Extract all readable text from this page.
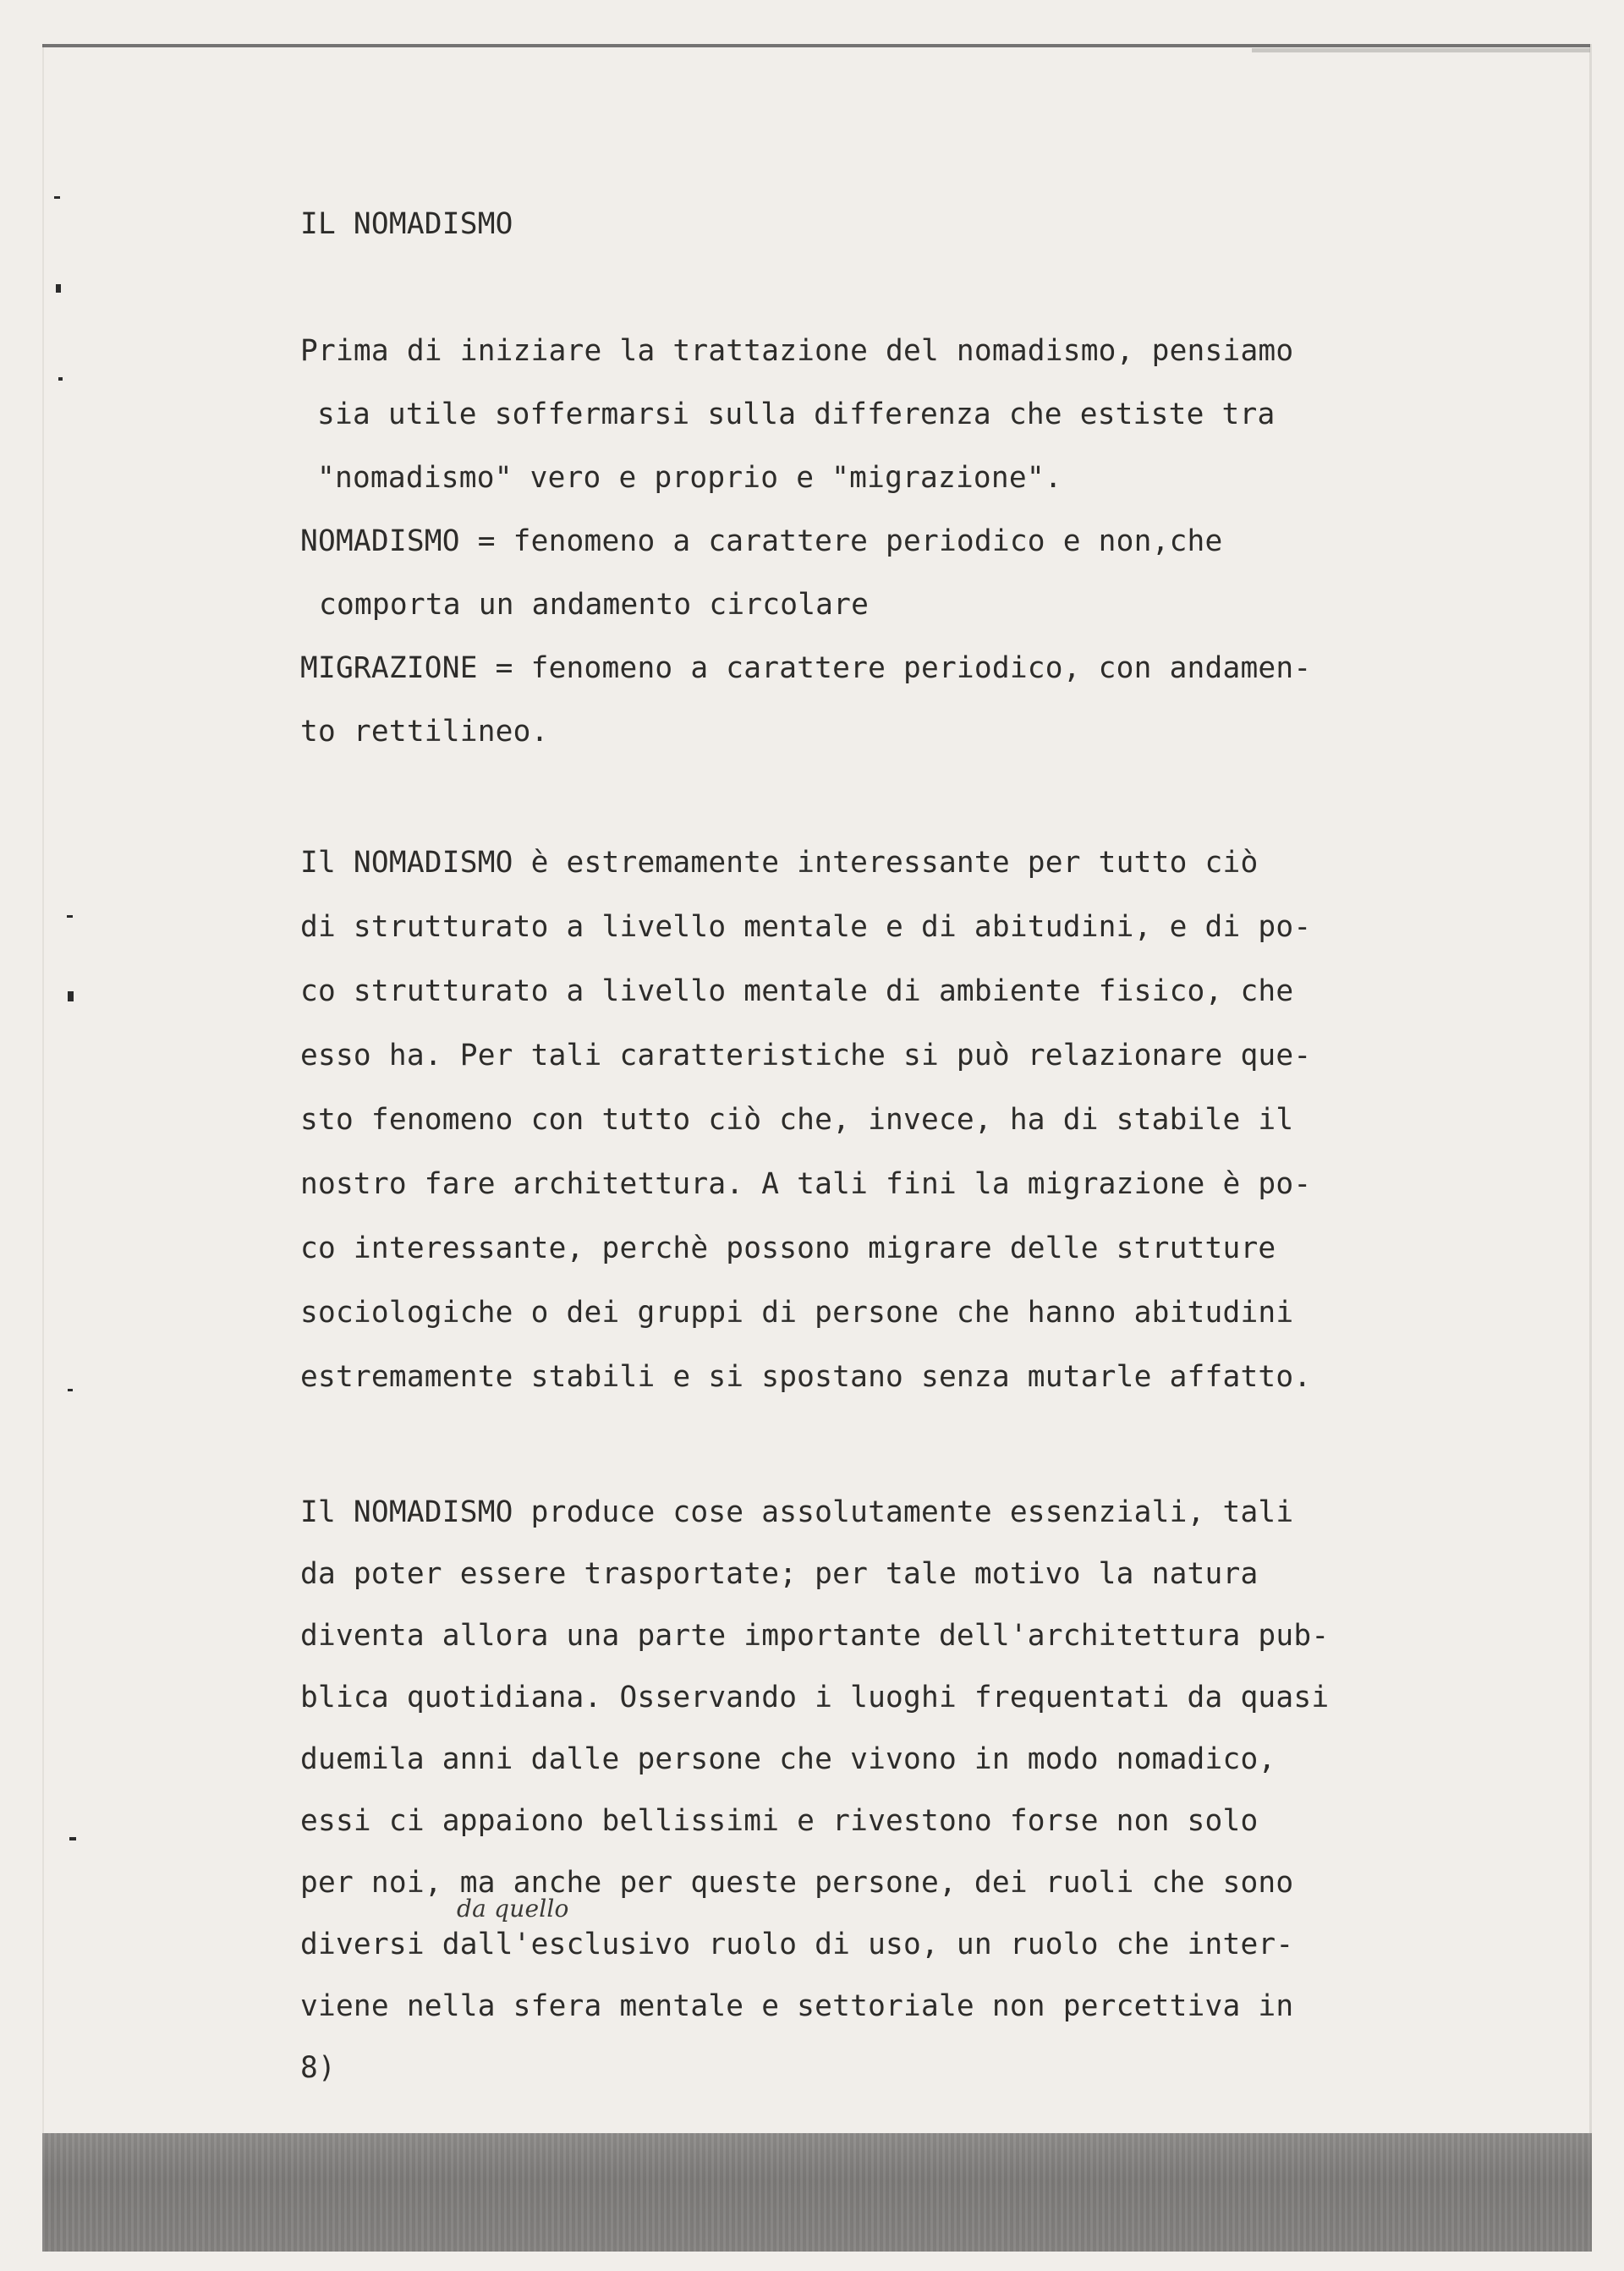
IL NOMADISMO
Prima di iniziare la trattazione del nomadismo, pensiamo
sia utile soffermarsi sulla differenza che estiste tra
"nomadismo" vero e proprio e "migrazione".
NOMADISMO = fenomeno a carattere periodico e non,che
comporta un andamento circolare
MIGRAZIONE = fenomeno a carattere periodico, con andamen-
to rettilineo.
Il NOMADISMO è estremamente interessante per tutto ciò
di strutturato a livello mentale e di abitudini, e di po-
co strutturato a livello mentale di ambiente fisico, che
esso ha. Per tali caratteristiche si può relazionare que-
sto fenomeno con tutto ciò che, invece, ha di stabile il
nostro fare architettura. A tali fini la migrazione è po-
co interessante, perchè possono migrare delle strutture
sociologiche o dei gruppi di persone che hanno abitudini
estremamente stabili e si spostano senza mutarle affatto.
Il NOMADISMO produce cose assolutamente essenziali, tali
da poter essere trasportate; per tale motivo la natura
diventa allora una parte importante dell'architettura pub-
blica quotidiana. Osservando i luoghi frequentati da quasi
duemila anni dalle persone che vivono in modo nomadico,
essi ci appaiono bellissimi e rivestono forse non solo
per noi, ma anche per queste persone, dei ruoli che sono
diversi dall'esclusivo ruolo di uso, un ruolo che inter-
viene nella sfera mentale e settoriale non percettiva in
da quello
8)
